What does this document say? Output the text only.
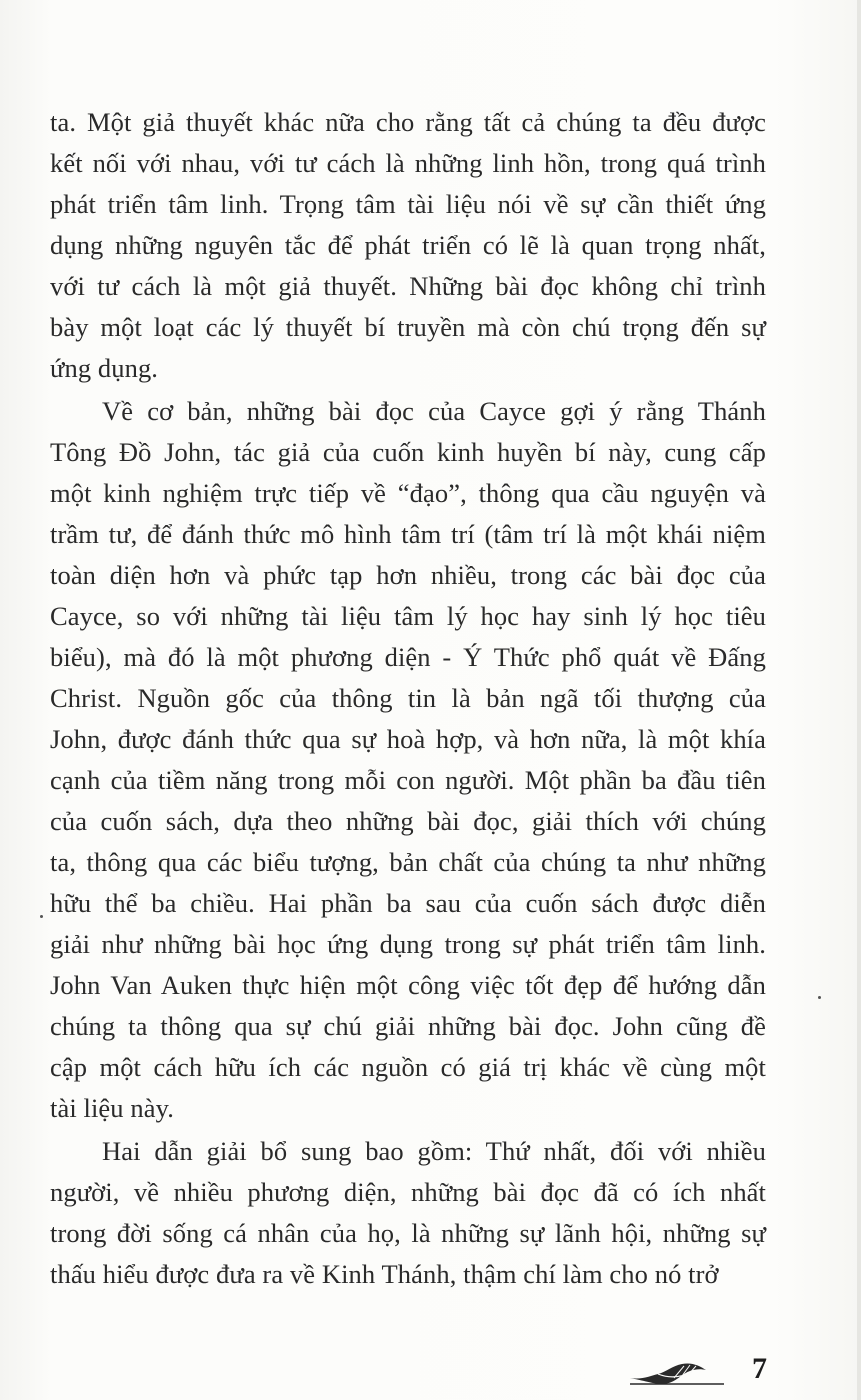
ta. Một giả thuyết khác nữa cho rằng tất cả chúng ta đều được
kết nối với nhau, với tư cách là những linh hồn, trong quá trình
phát triển tâm linh. Trọng tâm tài liệu nói về sự cần thiết ứng
dụng những nguyên tắc để phát triển có lẽ là quan trọng nhất,
với tư cách là một giả thuyết. Những bài đọc không chỉ trình
bày một loạt các lý thuyết bí truyền mà còn chú trọng đến sự
ứng dụng.
Về cơ bản, những bài đọc của Cayce gợi ý rằng Thánh
Tông Đồ John, tác giả của cuốn kinh huyền bí này, cung cấp
một kinh nghiệm trực tiếp về “đạo”, thông qua cầu nguyện và
trầm tư, để đánh thức mô hình tâm trí (tâm trí là một khái niệm
toàn diện hơn và phức tạp hơn nhiều, trong các bài đọc của
Cayce, so với những tài liệu tâm lý học hay sinh lý học tiêu
biểu), mà đó là một phương diện - Ý Thức phổ quát về Đấng
Christ. Nguồn gốc của thông tin là bản ngã tối thượng của
John, được đánh thức qua sự hoà hợp, và hơn nữa, là một khía
cạnh của tiềm năng trong mỗi con người. Một phần ba đầu tiên
của cuốn sách, dựa theo những bài đọc, giải thích với chúng
ta, thông qua các biểu tượng, bản chất của chúng ta như những
hữu thể ba chiều. Hai phần ba sau của cuốn sách được diễn
giải như những bài học ứng dụng trong sự phát triển tâm linh.
John Van Auken thực hiện một công việc tốt đẹp để hướng dẫn
chúng ta thông qua sự chú giải những bài đọc. John cũng đề
cập một cách hữu ích các nguồn có giá trị khác về cùng một
tài liệu này.
Hai dẫn giải bổ sung bao gồm: Thứ nhất, đối với nhiều
người, về nhiều phương diện, những bài đọc đã có ích nhất
trong đời sống cá nhân của họ, là những sự lãnh hội, những sự
thấu hiểu được đưa ra về Kinh Thánh, thậm chí làm cho nó trở
7
